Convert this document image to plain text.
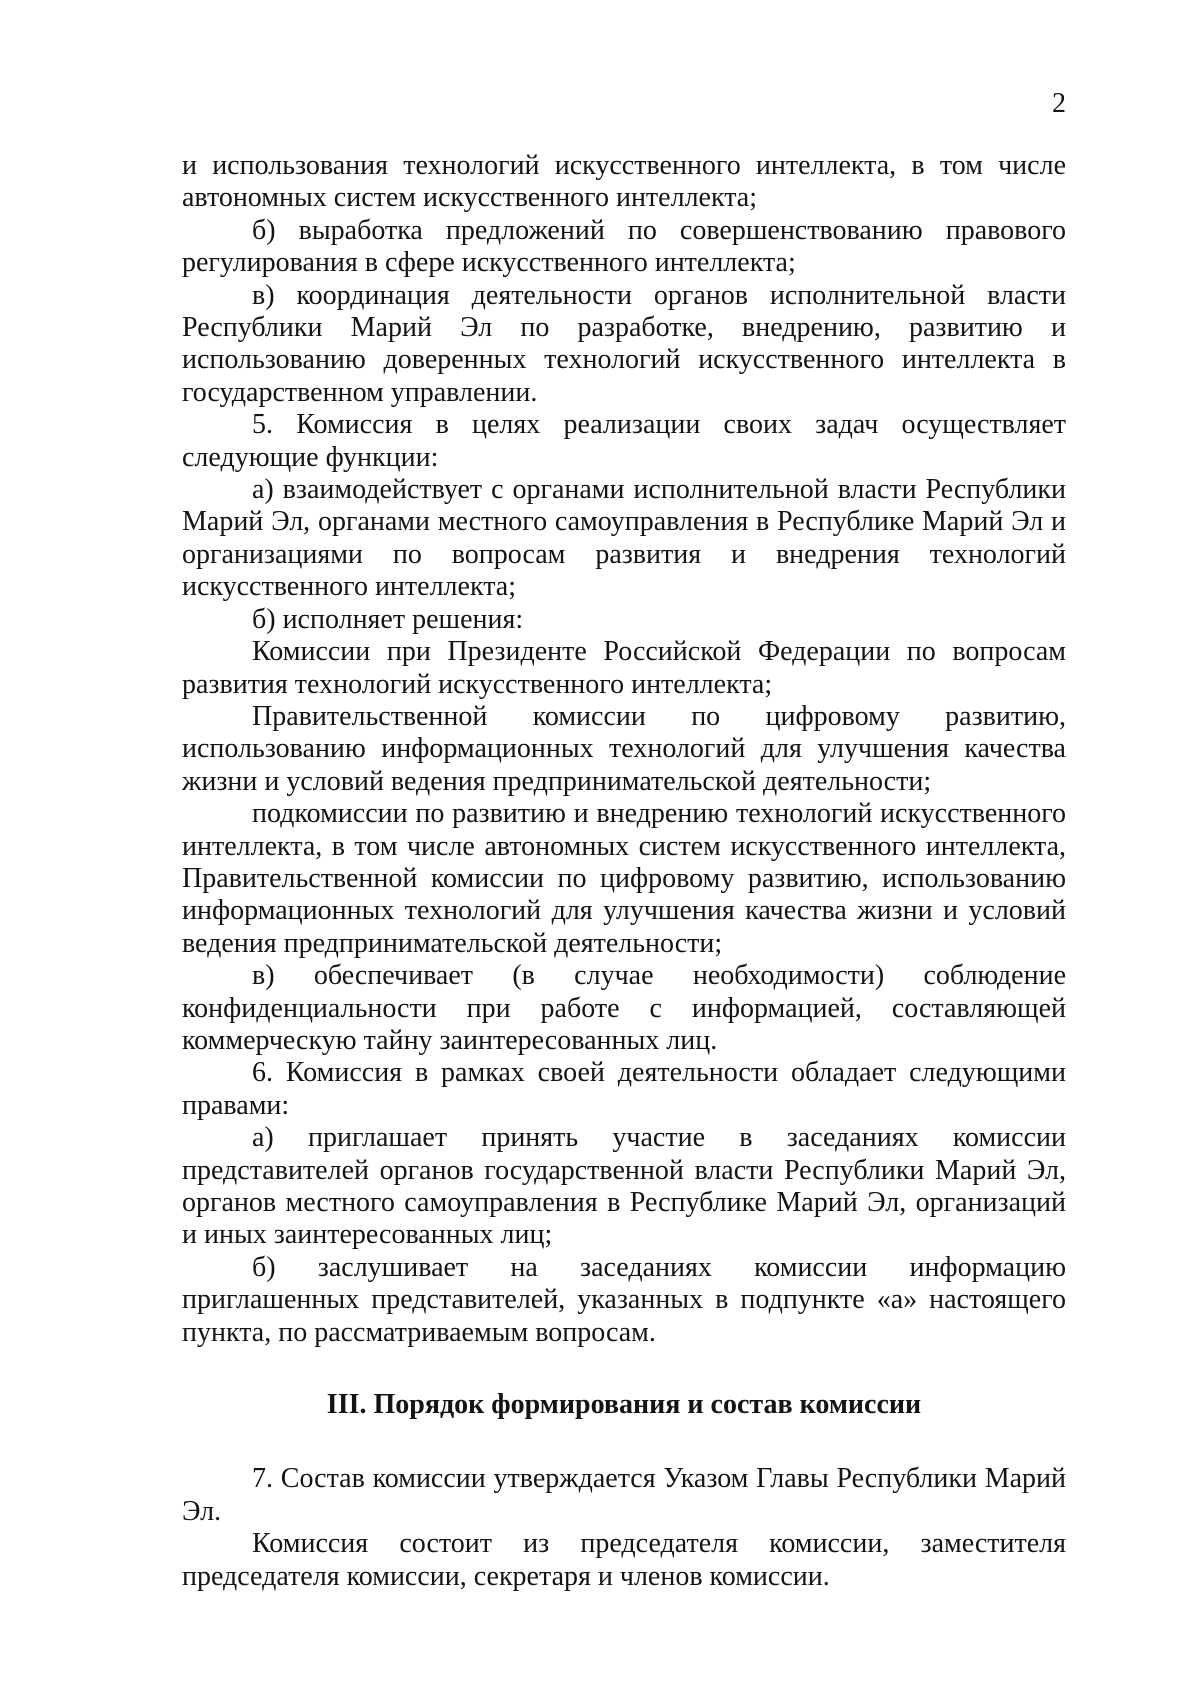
2

и использования технологий искусственного интеллекта, в том числе автономных систем искусственного интеллекта;

б) выработка предложений по совершенствованию правового регулирования в сфере искусственного интеллекта;

в) координация деятельности органов исполнительной власти Республики Марий Эл по разработке, внедрению, развитию и использованию доверенных технологий искусственного интеллекта в государственном управлении.

5. Комиссия в целях реализации своих задач осуществляет следующие функции:

а) взаимодействует с органами исполнительной власти Республики Марий Эл, органами местного самоуправления в Республике Марий Эл и организациями по вопросам развития и внедрения технологий искусственного интеллекта;

б) исполняет решения:

Комиссии при Президенте Российской Федерации по вопросам развития технологий искусственного интеллекта;

Правительственной комиссии по цифровому развитию, использованию информационных технологий для улучшения качества жизни и условий ведения предпринимательской деятельности;

подкомиссии по развитию и внедрению технологий искусственного интеллекта, в том числе автономных систем искусственного интеллекта, Правительственной комиссии по цифровому развитию, использованию информационных технологий для улучшения качества жизни и условий ведения предпринимательской деятельности;

в) обеспечивает (в случае необходимости) соблюдение конфиденциальности при работе с информацией, составляющей коммерческую тайну заинтересованных лиц.

6. Комиссия в рамках своей деятельности обладает следующими правами:

а) приглашает принять участие в заседаниях комиссии представителей органов государственной власти Республики Марий Эл, органов местного самоуправления в Республике Марий Эл, организаций и иных заинтересованных лиц;

б) заслушивает на заседаниях комиссии информацию приглашенных представителей, указанных в подпункте «а» настоящего пункта, по рассматриваемым вопросам.

III. Порядок формирования и состав комиссии

7. Состав комиссии утверждается Указом Главы Республики Марий Эл.

Комиссия состоит из председателя комиссии, заместителя председателя комиссии, секретаря и членов комиссии.
